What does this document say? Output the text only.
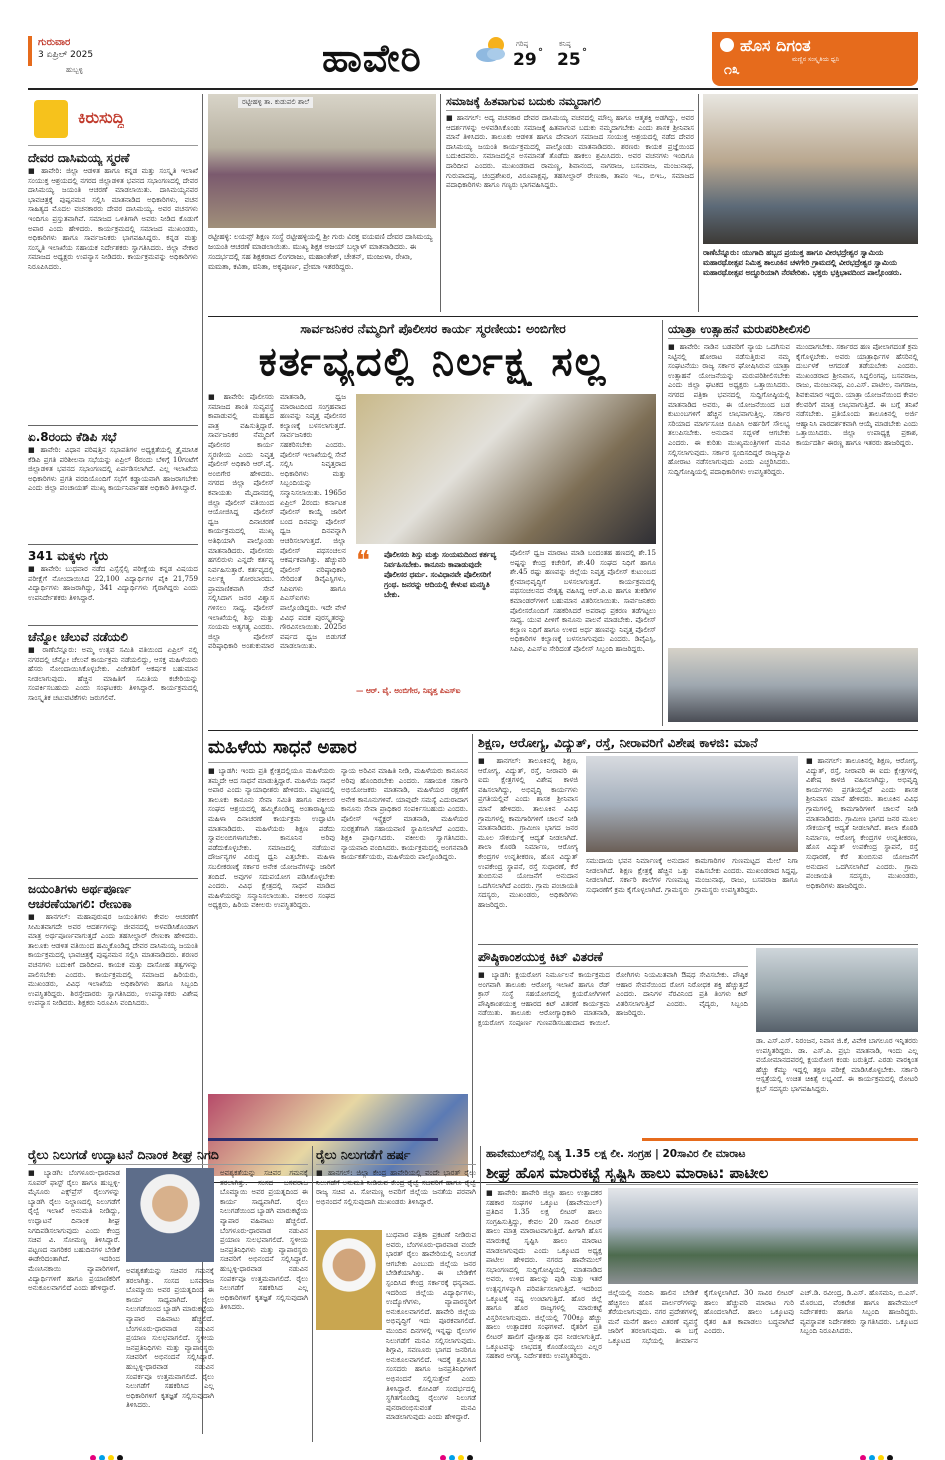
ಗುರುವಾರ
3 ಏಪ್ರಿಲ್ 2025
ಹುಬ್ಬಳ್ಳಿ	ಹಾವೇರಿ	ಗರಿಷ್ಠ
29 °
ಕನಿಷ್ಠ
25 °	ಹೊಸ ದಿಗಂತ
ಮಣ್ಣಿನ ಸಂಸ್ಕೃತಿಯ ಧ್ವನಿ
೧೩
ಕಿರುಸುದ್ದಿ
ದೇವರ ದಾಸಿಮಯ್ಯ ಸ್ಮರಣೆ
■ ಹಾವೇರಿ: ಜಿಲ್ಲಾ ಆಡಳಿತ ಹಾಗೂ ಕನ್ನಡ ಮತ್ತು ಸಂಸ್ಕೃತಿ ಇಲಾಖೆ ಸಂಯುಕ್ತ ಆಶ್ರಯದಲ್ಲಿ ನಗರದ ಜಿಲ್ಲಾಡಳಿತ ಭವನದ ಸಭಾಂಗಣದಲ್ಲಿ ದೇವರ ದಾಸಿಮಯ್ಯ ಜಯಂತಿ ಆಚರಣೆ ಮಾಡಲಾಯಿತು. ದಾಸಿಮಯ್ಯನವರ ಭಾವಚಿತ್ರಕ್ಕೆ ಪುಷ್ಪನಮನ ಸಲ್ಲಿಸಿ ಮಾತನಾಡಿದ ಅಧಿಕಾರಿಗಳು, ವಚನ ಸಾಹಿತ್ಯದ ಮೊದಲ ವಚನಕಾರರು ದೇವರ ದಾಸಿಮಯ್ಯ. ಅವರ ವಚನಗಳು ಇಂದಿಗೂ ಪ್ರಸ್ತುತವಾಗಿವೆ. ಸಮಾಜದ ಒಳಿತಿಗಾಗಿ ಅವರು ನೀಡಿದ ಕೊಡುಗೆ ಅಪಾರ ಎಂದು ಹೇಳಿದರು. ಕಾರ್ಯಕ್ರಮದಲ್ಲಿ ಸಮಾಜದ ಮುಖಂಡರು, ಅಧಿಕಾರಿಗಳು ಹಾಗೂ ಸಾರ್ವಜನಿಕರು ಭಾಗವಹಿಸಿದ್ದರು. ಕನ್ನಡ ಮತ್ತು ಸಂಸ್ಕೃತಿ ಇಲಾಖೆಯ ಸಹಾಯಕ ನಿರ್ದೇಶಕರು ಸ್ವಾಗತಿಸಿದರು. ಜಿಲ್ಲಾ ನೇಕಾರ ಸಮಾಜದ ಅಧ್ಯಕ್ಷರು ಉಪನ್ಯಾಸ ನೀಡಿದರು. ಕಾರ್ಯಕ್ರಮವನ್ನು ಅಧಿಕಾರಿಗಳು ನಿರೂಪಿಸಿದರು.
ಏ.8ರಂದು ಕೆಡಿಪಿ ಸಭೆ
■ ಹಾವೇರಿ: ವಿಧಾನ ಪರಿಷತ್ತಿನ ಸಭಾಪತಿಗಳ ಅಧ್ಯಕ್ಷತೆಯಲ್ಲಿ ತ್ರೈಮಾಸಿಕ ಕೆಡಿಪಿ ಪ್ರಗತಿ ಪರಿಶೀಲನಾ ಸಭೆಯನ್ನು ಏಪ್ರಿಲ್ 8ರಂದು ಬೆಳಿಗ್ಗೆ 10ಗಂಟೆಗೆ ಜಿಲ್ಲಾಡಳಿತ ಭವನದ ಸಭಾಂಗಣದಲ್ಲಿ ಏರ್ಪಡಿಸಲಾಗಿದೆ. ಎಲ್ಲ ಇಲಾಖೆಯ ಅಧಿಕಾರಿಗಳು ಪ್ರಗತಿ ವರದಿಯೊಂದಿಗೆ ಸಭೆಗೆ ಕಡ್ಡಾಯವಾಗಿ ಹಾಜರಾಗಬೇಕು ಎಂದು ಜಿಲ್ಲಾ ಪಂಚಾಯತ್ ಮುಖ್ಯ ಕಾರ್ಯನಿರ್ವಾಹಕ ಅಧಿಕಾರಿ ತಿಳಿಸಿದ್ದಾರೆ.
341 ಮಕ್ಕಳು ಗೈರು
■ ಹಾವೇರಿ: ಬುಧವಾರ ನಡೆದ ಎಸ್ಸೆಸ್ಸೆಲ್ಸಿ ಪರೀಕ್ಷೆಯ ಕನ್ನಡ ವಿಷಯದ ಪರೀಕ್ಷೆಗೆ ನೋಂದಾಯಿಸಿದ 22,100 ವಿದ್ಯಾರ್ಥಿಗಳ ಪೈಕಿ 21,759 ವಿದ್ಯಾರ್ಥಿಗಳು ಹಾಜರಾಗಿದ್ದು, 341 ವಿದ್ಯಾರ್ಥಿಗಳು ಗೈರಾಗಿದ್ದರು ಎಂದು ಉಪನಿರ್ದೇಶಕರು ತಿಳಿಸಿದ್ದಾರೆ.
ಚೆನ್ನೋ ಚೆಲುವೆ ನಡೆಯಲಿ
■ ರಾಣೆಬೆನ್ನೂರು: ಅಮ್ಮ ಉತ್ಸವ ಸಮಿತಿ ವತಿಯಿಂದ ಏಪ್ರಿಲ್ ನಲ್ಲಿ ನಗರದಲ್ಲಿ ಚೆನ್ನೋ ಚೆಲುವೆ ಕಾರ್ಯಕ್ರಮ ನಡೆಯಲಿದ್ದು, ಆಸಕ್ತ ಮಹಿಳೆಯರು ಹೆಸರು ನೋಂದಾಯಿಸಿಕೊಳ್ಳಬೇಕು. ವಿಜೇತರಿಗೆ ಆಕರ್ಷಕ ಬಹುಮಾನ ನೀಡಲಾಗುವುದು. ಹೆಚ್ಚಿನ ಮಾಹಿತಿಗೆ ಸಮಿತಿಯ ಕಚೇರಿಯನ್ನು ಸಂಪರ್ಕಿಸಬಹುದು ಎಂದು ಸಂಘಟಕರು ತಿಳಿಸಿದ್ದಾರೆ. ಕಾರ್ಯಕ್ರಮದಲ್ಲಿ ಸಾಂಸ್ಕೃತಿಕ ಚಟುವಟಿಕೆಗಳು ಜರುಗಲಿವೆ.
ಜಯಂತಿಗಳು ಅರ್ಥಪೂರ್ಣ ಆಚರಣೆಯಾಗಲಿ: ರೇಣುಕಾ
■ ಹಾನಗಲ್: ಮಹಾಪುರುಷರ ಜಯಂತಿಗಳು ಕೇವಲ ಆಚರಣೆಗೆ ಸೀಮಿತವಾಗದೇ ಅವರ ಆದರ್ಶಗಳನ್ನು ಜೀವನದಲ್ಲಿ ಅಳವಡಿಸಿಕೊಂಡಾಗ ಮಾತ್ರ ಅರ್ಥಪೂರ್ಣವಾಗುತ್ತದೆ ಎಂದು ತಹಸೀಲ್ದಾರ್ ರೇಣುಕಾ ಹೇಳಿದರು. ತಾಲೂಕು ಆಡಳಿತ ವತಿಯಿಂದ ಹಮ್ಮಿಕೊಂಡಿದ್ದ ದೇವರ ದಾಸಿಮಯ್ಯ ಜಯಂತಿ ಕಾರ್ಯಕ್ರಮದಲ್ಲಿ ಭಾವಚಿತ್ರಕ್ಕೆ ಪುಷ್ಪನಮನ ಸಲ್ಲಿಸಿ ಮಾತನಾಡಿದರು. ಶರಣರ ವಚನಗಳು ಬದುಕಿಗೆ ದಾರಿದೀಪ. ಕಾಯಕ ಮತ್ತು ದಾಸೋಹ ತತ್ವಗಳನ್ನು ಪಾಲಿಸಬೇಕು ಎಂದರು. ಕಾರ್ಯಕ್ರಮದಲ್ಲಿ ಸಮಾಜದ ಹಿರಿಯರು, ಮುಖಂಡರು, ವಿವಿಧ ಇಲಾಖೆಯ ಅಧಿಕಾರಿಗಳು ಹಾಗೂ ಸಿಬ್ಬಂದಿ ಉಪಸ್ಥಿತರಿದ್ದರು. ಶಿರಸ್ತೇದಾರರು ಸ್ವಾಗತಿಸಿದರು, ಉಪನ್ಯಾಸಕರು ವಿಶೇಷ ಉಪನ್ಯಾಸ ನೀಡಿದರು. ಶಿಕ್ಷಕರು ನಿರೂಪಿಸಿ ವಂದಿಸಿದರು.
ರಟ್ಟೀಹಳ್ಳಿ ತಾ. ಕುಡುಪಲಿ ಶಾಲೆ
ರಟ್ಟೀಹಳ್ಳಿ: ಲಯನ್ಸ್ ಶಿಕ್ಷಣ ಸಂಸ್ಥೆ ರಟ್ಟೀಹಳ್ಳಿಯಲ್ಲಿ ಶ್ರೀ ಗುರು ವಿರಕ್ತ ವಯವಣಿ ದೇವರ ದಾಸಿಮಯ್ಯ ಜಯಂತಿ ಆಚರಣೆ ಮಾಡಲಾಯಿತು. ಮುಖ್ಯ ಶಿಕ್ಷಕ ಅಜಯ್ ಬಲ್ಲಾಳ್ ಮಾತನಾಡಿದರು. ಈ ಸಂದರ್ಭದಲ್ಲಿ ಸಹ ಶಿಕ್ಷಕರಾದ ಲಿಂಗರಾಜು, ಮಹಾಂತೇಶ್, ಚೇತನ್, ಮಂಜುಳಾ, ರೇಖಾ, ಮಮತಾ, ಕವಿತಾ, ವನಿತಾ, ಅಕ್ಕಪೂರ್ಣ, ಪ್ರೇಮಾ ಇತರರಿದ್ದರು.
ಸಮಾಜಕ್ಕೆ ಹಿತವಾಗುವ ಬದುಕು ನಮ್ಮದಾಗಲಿ
■ ಹಾನಗಲ್: ಅದ್ಯ ವಚನಕಾರ ದೇವರ ದಾಸಿಮಯ್ಯ ವಚನದಲ್ಲಿ ಮೌಲ್ಯ ಹಾಗೂ ಆತ್ಮಶಕ್ತಿ ಅಡಗಿದ್ದು, ಅವರ ಆದರ್ಶಗಳನ್ನು ಅಳವಡಿಸಿಕೊಂಡು ಸಮಾಜಕ್ಕೆ ಹಿತವಾಗುವ ಬದುಕು ನಮ್ಮದಾಗಬೇಕು ಎಂದು ಶಾಸಕ ಶ್ರೀನಿವಾಸ ಮಾನೆ ತಿಳಿಸಿದರು. ತಾಲೂಕು ಆಡಳಿತ ಹಾಗೂ ದೇವಾಂಗ ಸಮಾಜದ ಸಂಯುಕ್ತ ಆಶ್ರಯದಲ್ಲಿ ನಡೆದ ದೇವರ ದಾಸಿಮಯ್ಯ ಜಯಂತಿ ಕಾರ್ಯಕ್ರಮದಲ್ಲಿ ಪಾಲ್ಗೊಂಡು ಮಾತನಾಡಿದರು. ಶರಣರು ಕಾಯಕ ಪ್ರಜ್ಞೆಯಿಂದ ಬದುಕಿದವರು. ಸಮಾಜದಲ್ಲಿನ ಅಸಮಾನತೆ ತೊಡೆದು ಹಾಕಲು ಶ್ರಮಿಸಿದರು. ಅವರ ವಚನಗಳು ಇಂದಿಗೂ ದಾರಿದೀಪ ಎಂದರು. ಮುಖಂಡರಾದ ರಾಮಣ್ಣ, ಶಿವಾನಂದ, ನಾಗರಾಜ, ಬಸವರಾಜ, ಮಂಜುನಾಥ, ಗುರುಪಾದಪ್ಪ, ಚಂದ್ರಶೇಖರ, ವಿರೂಪಾಕ್ಷಪ್ಪ, ತಹಸೀಲ್ದಾರ್ ರೇಣುಕಾ, ತಾಪಂ ಇಒ, ಬಿಇಒ, ಸಮಾಜದ ಪದಾಧಿಕಾರಿಗಳು ಹಾಗೂ ಗಣ್ಯರು ಭಾಗವಹಿಸಿದ್ದರು.
ರಾಣೆಬೆನ್ನೂರು: ಯುಗಾದಿ ಹಬ್ಬದ ಪ್ರಯುಕ್ತ ಹಾಗೂ ವೀರಭದ್ರೇಶ್ವರ ಸ್ವಾಮಿಯ ಮಹಾರಥೋತ್ಸವ ನಿಮಿತ್ತ ತಾಲೂಕಿನ ಚಳಗೇರಿ ಗ್ರಾಮದಲ್ಲಿ ವೀರಭದ್ರೇಶ್ವರ ಸ್ವಾಮಿಯ ಮಹಾರಥೋತ್ಸವ ಅದ್ಧೂರಿಯಾಗಿ ನೆರವೇರಿತು. ಭಕ್ತರು ಭಕ್ತಿಭಾವದಿಂದ ಪಾಲ್ಗೊಂಡರು.
ಸಾರ್ವಜನಿಕರ ನೆಮ್ಮದಿಗೆ ಪೊಲೀಸರ ಕಾರ್ಯ ಸ್ಮರಣೀಯ: ಅಂಬಿಗೇರ
ಕರ್ತವ್ಯದಲ್ಲಿ ನಿರ್ಲಕ್ಷ್ಯ ಸಲ್ಲ
■ ಹಾವೇರಿ: ಪೊಲೀಸರು ಸಮಾಜದ ಶಾಂತಿ ಸುವ್ಯವಸ್ಥೆ ಕಾಪಾಡುವಲ್ಲಿ ಮಹತ್ವದ ಪಾತ್ರ ವಹಿಸುತ್ತಿದ್ದಾರೆ. ಸಾರ್ವಜನಿಕರ ನೆಮ್ಮದಿಗೆ ಪೊಲೀಸರ ಕಾರ್ಯ ಸ್ಮರಣೀಯ ಎಂದು ನಿವೃತ್ತ ಪೊಲೀಸ್ ಅಧಿಕಾರಿ ಆರ್.ವೈ. ಅಂಬಿಗೇರ ಹೇಳಿದರು. ನಗರದ ಜಿಲ್ಲಾ ಪೊಲೀಸ್ ಕವಾಯತು ಮೈದಾನದಲ್ಲಿ ಜಿಲ್ಲಾ ಪೊಲೀಸ್ ವತಿಯಿಂದ ಆಯೋಜಿಸಿದ್ದ ಪೊಲೀಸ್ ಧ್ವಜ ದಿನಾಚರಣೆ ಕಾರ್ಯಕ್ರಮದಲ್ಲಿ ಮುಖ್ಯ ಅತಿಥಿಯಾಗಿ ಪಾಲ್ಗೊಂಡು ಮಾತನಾಡಿದರು. ಪೊಲೀಸರು ಹಗಲಿರುಳು ಎನ್ನದೇ ಕರ್ತವ್ಯ ನಿರ್ವಹಿಸುತ್ತಾರೆ. ಕರ್ತವ್ಯದಲ್ಲಿ ನಿರ್ಲಕ್ಷ್ಯ ತೋರಬಾರದು. ಪ್ರಾಮಾಣಿಕವಾಗಿ ಸೇವೆ ಸಲ್ಲಿಸಿದಾಗ ಜನರ ವಿಶ್ವಾಸ ಗಳಿಸಲು ಸಾಧ್ಯ. ಪೊಲೀಸ್ ಇಲಾಖೆಯಲ್ಲಿ ಶಿಸ್ತು ಮತ್ತು ಸಂಯಮ ಅತ್ಯಗತ್ಯ ಎಂದರು. ಜಿಲ್ಲಾ ಪೊಲೀಸ್ ವರಿಷ್ಠಾಧಿಕಾರಿ ಅಂಶುಕುಮಾರ ಮಾತನಾಡಿ, ಧ್ವಜ ಮಾರಾಟದಿಂದ ಸಂಗ್ರಹವಾದ ಹಣವನ್ನು ನಿವೃತ್ತ ಪೊಲೀಸರ ಕಲ್ಯಾಣಕ್ಕೆ ಬಳಸಲಾಗುತ್ತದೆ. ಸಾರ್ವಜನಿಕರು ಸಹಕರಿಸಬೇಕು ಎಂದರು. ಪೊಲೀಸ್ ಇಲಾಖೆಯಲ್ಲಿ ಸೇವೆ ಸಲ್ಲಿಸಿ ನಿವೃತ್ತರಾದ ಅಧಿಕಾರಿಗಳು ಮತ್ತು ಸಿಬ್ಬಂದಿಯನ್ನು ಸನ್ಮಾನಿಸಲಾಯಿತು. 1965ರ ಏಪ್ರಿಲ್ 2ರಂದು ಕರ್ನಾಟಕ ಪೊಲೀಸ್ ಕಾಯ್ದೆ ಜಾರಿಗೆ ಬಂದ ದಿನವನ್ನು ಪೊಲೀಸ್ ಧ್ವಜ ದಿನವನ್ನಾಗಿ ಆಚರಿಸಲಾಗುತ್ತದೆ. ಜಿಲ್ಲಾ ಪೊಲೀಸ್ ಪಥಸಂಚಲನ ಆಕರ್ಷಕವಾಗಿತ್ತು. ಹೆಚ್ಚುವರಿ ಪೊಲೀಸ್ ವರಿಷ್ಠಾಧಿಕಾರಿ ಸೇರಿದಂತೆ ಡಿವೈಎಸ್ಪಿಗಳು, ಸಿಪಿಐಗಳು ಹಾಗೂ ಪಿಎಸ್ಐಗಳು ಪಾಲ್ಗೊಂಡಿದ್ದರು. ಇದೇ ವೇಳೆ ವಿವಿಧ ಪದಕ ಪುರಸ್ಕೃತರನ್ನು ಗೌರವಿಸಲಾಯಿತು. 2025ರ ವರ್ಷದ ಧ್ವಜ ಬಿಡುಗಡೆ ಮಾಡಲಾಯಿತು.
❝ ಪೊಲೀಸರು ಶಿಸ್ತು ಮತ್ತು ಸಂಯಮದಿಂದ ಕರ್ತವ್ಯ ನಿರ್ವಹಿಸಬೇಕು. ಕಾನೂನು ಕಾಪಾಡುವುದೇ ಪೊಲೀಸರ ಧರ್ಮ. ಸಂವಿಧಾನವೇ ಪೊಲೀಸರಿಗೆ ಗ್ರಂಥ. ಜನರನ್ನು ಆದಿಯಲ್ಲಿ ಕೇಳುವ ಮನಸ್ಥಿತಿ ಬೇಕು.
— ಆರ್. ವೈ. ಅಂಬಿಗೇರ, ನಿವೃತ್ತ ಪಿಎಸ್ಐ
ಪೊಲೀಸ್ ಧ್ವಜ ಮಾರಾಟ ಮಾಡಿ ಬಂದಂತಹ ಹಣದಲ್ಲಿ ಶೇ.15 ಅಷ್ಟನ್ನು ಕೇಂದ್ರ ಕಚೇರಿಗೆ, ಶೇ.40 ಸಂಘದ ನಿಧಿಗೆ ಹಾಗೂ ಶೇ.45 ರಷ್ಟು ಹಣವನ್ನು ಜಿಲ್ಲೆಯ ನಿವೃತ್ತ ಪೊಲೀಸ್ ಕುಟುಂಬದ ಕ್ಷೇಮಾಭಿವೃದ್ಧಿಗೆ ಬಳಸಲಾಗುತ್ತದೆ. ಕಾರ್ಯಕ್ರಮದಲ್ಲಿ ಪಥಸಂಚಲನದ ನೇತೃತ್ವ ವಹಿಸಿದ್ದ ಆರ್.ಪಿ.ಐ ಹಾಗೂ ತುಕಡಿಗಳ ಕಮಾಂಡರ್‌ಗಳಿಗೆ ಬಹುಮಾನ ವಿತರಿಸಲಾಯಿತು. ಸಾರ್ವಜನಿಕರು ಪೊಲೀಸರೊಂದಿಗೆ ಸಹಕರಿಸಿದರೆ ಅಪರಾಧ ಪ್ರಕರಣ ತಡೆಗಟ್ಟಲು ಸಾಧ್ಯ. ಯುವ ಪೀಳಿಗೆ ಕಾನೂನು ಪಾಲನೆ ಮಾಡಬೇಕು. ಪೊಲೀಸ್ ಕಲ್ಯಾಣ ನಿಧಿಗೆ ಹಾಗೂ ಉಳಿದ ಅರ್ಧ ಹಣವನ್ನು ನಿವೃತ್ತ ಪೊಲೀಸ್ ಅಧಿಕಾರಿಗಳ ಕಲ್ಯಾಣಕ್ಕೆ ಬಳಸಲಾಗುವುದು ಎಂದರು. ಡಿವೈಎಸ್ಪಿ, ಸಿಪಿಐ, ಪಿಎಸ್ಐ ಸೇರಿದಂತೆ ಪೊಲೀಸ್ ಸಿಬ್ಬಂದಿ ಹಾಜರಿದ್ದರು.
ಯಾತ್ರಾ ಉತ್ಸಾಹನೆ ಮರುಪರಿಶೀಲಿಸಲಿ
■ ಹಾವೇರಿ: ನಾಡಿನ ಬಡವರಿಗೆ ನ್ಯಾಯ ಒದಗಿಸುವ ನಿಟ್ಟಿನಲ್ಲಿ ಹೋರಾಟ ನಡೆಸುತ್ತಿರುವ ನಮ್ಮ ಸಂಘಟನೆಯು ರಾಜ್ಯ ಸರ್ಕಾರ ಘೋಷಿಸಿರುವ ಯಾತ್ರಾ ಉತ್ಸಾಹನೆ ಯೋಜನೆಯನ್ನು ಮರುಪರಿಶೀಲಿಸಬೇಕು ಎಂದು ಜಿಲ್ಲಾ ಘಟಕದ ಅಧ್ಯಕ್ಷರು ಒತ್ತಾಯಿಸಿದರು. ನಗರದ ಪತ್ರಿಕಾ ಭವನದಲ್ಲಿ ಸುದ್ದಿಗೋಷ್ಠಿಯಲ್ಲಿ ಮಾತನಾಡಿದ ಅವರು, ಈ ಯೋಜನೆಯಿಂದ ಬಡ ಕುಟುಂಬಗಳಿಗೆ ಹೆಚ್ಚಿನ ಲಾಭವಾಗುತ್ತಿಲ್ಲ. ಸರ್ಕಾರ ಸರಿಯಾದ ಮಾರ್ಗಸೂಚಿ ರೂಪಿಸಿ ಅರ್ಹರಿಗೆ ಸೌಲಭ್ಯ ತಲುಪಿಸಬೇಕು. ಅನುದಾನ ಸದ್ಬಳಕೆ ಆಗಬೇಕು ಎಂದರು. ಈ ಕುರಿತು ಮುಖ್ಯಮಂತ್ರಿಗಳಿಗೆ ಮನವಿ ಸಲ್ಲಿಸಲಾಗುವುದು. ಸರ್ಕಾರ ಸ್ಪಂದಿಸದಿದ್ದರೆ ರಾಜ್ಯವ್ಯಾಪಿ ಹೋರಾಟ ನಡೆಸಲಾಗುವುದು ಎಂದು ಎಚ್ಚರಿಸಿದರು. ಸುದ್ದಿಗೋಷ್ಠಿಯಲ್ಲಿ ಪದಾಧಿಕಾರಿಗಳು ಉಪಸ್ಥಿತರಿದ್ದರು.
ಮುಂದಾಗಬೇಕು. ಸರ್ಕಾರದ ಹಣ ಪೋಲಾಗದಂತೆ ಕ್ರಮ ಕೈಗೊಳ್ಳಬೇಕು. ಅವರು ಯಾತ್ರಾರ್ಥಿಗಳ ಹೆಸರಿನಲ್ಲಿ ದುರ್ಬಳಕೆ ಆಗದಂತೆ ತಡೆಯಬೇಕು ಎಂದರು. ಮುಖಂಡರಾದ ಶ್ರೀನಿವಾಸ, ಸಿದ್ದಲಿಂಗಪ್ಪ, ಬಸವರಾಜ, ರಾಜು, ಮಂಜುನಾಥ, ಎಂ.ಎಸ್. ಪಾಟೀಲ, ನಾಗರಾಜ, ಶಿವಕುಮಾರ ಇದ್ದರು. ಯಾತ್ರಾ ಯೋಜನೆಯಿಂದ ಕೇವಲ ಕೆಲವರಿಗೆ ಮಾತ್ರ ಲಾಭವಾಗುತ್ತಿದೆ. ಈ ಬಗ್ಗೆ ತನಿಖೆ ನಡೆಸಬೇಕು. ಪ್ರತಿಯೊಂದು ತಾಲೂಕಿನಲ್ಲಿ ಅರ್ಜಿ ಆಹ್ವಾನಿಸಿ ಪಾರದರ್ಶಕವಾಗಿ ಆಯ್ಕೆ ಮಾಡಬೇಕು ಎಂದು ಒತ್ತಾಯಿಸಿದರು. ಜಿಲ್ಲಾ ಉಪಾಧ್ಯಕ್ಷ ಪ್ರಕಾಶ, ಕಾರ್ಯದರ್ಶಿ ಈರಣ್ಣ ಹಾಗೂ ಇತರರು ಹಾಜರಿದ್ದರು.
ಮಹಿಳೆಯ ಸಾಧನೆ ಅಪಾರ
■ ಬ್ಯಾಡಗಿ: ಇಂದು ಪ್ರತಿ ಕ್ಷೇತ್ರದಲ್ಲಿಯೂ ಮಹಿಳೆಯರು ತಮ್ಮದೇ ಆದ ಸಾಧನೆ ಮಾಡುತ್ತಿದ್ದಾರೆ. ಮಹಿಳೆಯ ಸಾಧನೆ ಅಪಾರ ಎಂದು ನ್ಯಾಯಾಧೀಶರು ಹೇಳಿದರು. ಪಟ್ಟಣದಲ್ಲಿ ತಾಲೂಕು ಕಾನೂನು ಸೇವಾ ಸಮಿತಿ ಹಾಗೂ ವಕೀಲರ ಸಂಘದ ಆಶ್ರಯದಲ್ಲಿ ಹಮ್ಮಿಕೊಂಡಿದ್ದ ಅಂತಾರಾಷ್ಟ್ರೀಯ ಮಹಿಳಾ ದಿನಾಚರಣೆ ಕಾರ್ಯಕ್ರಮ ಉದ್ಘಾಟಿಸಿ ಮಾತನಾಡಿದರು. ಮಹಿಳೆಯರು ಶಿಕ್ಷಣ ಪಡೆದು ಸ್ವಾವಲಂಬಿಗಳಾಗಬೇಕು. ಕಾನೂನಿನ ಅರಿವು ಪಡೆದುಕೊಳ್ಳಬೇಕು. ಸಮಾಜದಲ್ಲಿ ನಡೆಯುವ ದೌರ್ಜನ್ಯಗಳ ವಿರುದ್ಧ ಧ್ವನಿ ಎತ್ತಬೇಕು. ಮಹಿಳಾ ಸಬಲೀಕರಣಕ್ಕೆ ಸರ್ಕಾರ ಅನೇಕ ಯೋಜನೆಗಳನ್ನು ಜಾರಿಗೆ ತಂದಿದೆ. ಅವುಗಳ ಸದುಪಯೋಗ ಪಡಿಸಿಕೊಳ್ಳಬೇಕು ಎಂದರು. ವಿವಿಧ ಕ್ಷೇತ್ರದಲ್ಲಿ ಸಾಧನೆ ಮಾಡಿದ ಮಹಿಳೆಯರನ್ನು ಸನ್ಮಾನಿಸಲಾಯಿತು. ವಕೀಲರ ಸಂಘದ ಅಧ್ಯಕ್ಷರು, ಹಿರಿಯ ವಕೀಲರು ಉಪಸ್ಥಿತರಿದ್ದರು.
ನ್ಯಾಯ ಅರಿವಿನ ಮಾಹಿತಿ ನೀಡಿ, ಮಹಿಳೆಯರು ಕಾನೂನಿನ ಅರಿವು ಹೊಂದಿರಬೇಕು ಎಂದರು. ಸಹಾಯಕ ಸರ್ಕಾರಿ ಅಭಿಯೋಜಕರು ಮಾತನಾಡಿ, ಮಹಿಳೆಯರ ರಕ್ಷಣೆಗೆ ಅನೇಕ ಕಾನೂನುಗಳಿವೆ. ಯಾವುದೇ ಸಮಸ್ಯೆ ಎದುರಾದಾಗ ಕಾನೂನು ಸೇವಾ ಪ್ರಾಧಿಕಾರ ಸಂಪರ್ಕಿಸಬಹುದು ಎಂದರು. ಪೊಲೀಸ್ ಇನ್ಸ್ಪೆಕ್ಟರ್ ಮಾತನಾಡಿ, ಮಹಿಳೆಯರ ಸುರಕ್ಷತೆಗಾಗಿ ಸಹಾಯವಾಣಿ ಸ್ಥಾಪಿಸಲಾಗಿದೆ ಎಂದರು. ಶಿಕ್ಷಕಿ ಪ್ರಾರ್ಥಿಸಿದರು. ವಕೀಲರು ಸ್ವಾಗತಿಸಿದರು. ನ್ಯಾಯವಾದಿ ವಂದಿಸಿದರು. ಕಾರ್ಯಕ್ರಮದಲ್ಲಿ ಅಂಗನವಾಡಿ ಕಾರ್ಯಕರ್ತೆಯರು, ಮಹಿಳೆಯರು ಪಾಲ್ಗೊಂಡಿದ್ದರು.
ಶಿಕ್ಷಣ, ಆರೋಗ್ಯ, ವಿದ್ಯುತ್, ರಸ್ತೆ, ನೀರಾವರಿಗೆ ವಿಶೇಷ ಕಾಳಜಿ: ಮಾನೆ
■ ಹಾನಗಲ್: ತಾಲೂಕಿನಲ್ಲಿ ಶಿಕ್ಷಣ, ಆರೋಗ್ಯ, ವಿದ್ಯುತ್, ರಸ್ತೆ, ನೀರಾವರಿ ಈ ಐದು ಕ್ಷೇತ್ರಗಳಲ್ಲಿ ವಿಶೇಷ ಕಾಳಜಿ ವಹಿಸಲಾಗಿದ್ದು, ಅಭಿವೃದ್ಧಿ ಕಾರ್ಯಗಳು ಪ್ರಗತಿಯಲ್ಲಿವೆ ಎಂದು ಶಾಸಕ ಶ್ರೀನಿವಾಸ ಮಾನೆ ಹೇಳಿದರು. ತಾಲೂಕಿನ ವಿವಿಧ ಗ್ರಾಮಗಳಲ್ಲಿ ಕಾಮಗಾರಿಗಳಿಗೆ ಚಾಲನೆ ನೀಡಿ ಮಾತನಾಡಿದರು. ಗ್ರಾಮೀಣ ಭಾಗದ ಜನರ ಮೂಲ ಸೌಕರ್ಯಕ್ಕೆ ಆದ್ಯತೆ ನೀಡಲಾಗಿದೆ. ಶಾಲಾ ಕೊಠಡಿ ನಿರ್ಮಾಣ, ಆರೋಗ್ಯ ಕೇಂದ್ರಗಳ ಉನ್ನತೀಕರಣ, ಹೊಸ ವಿದ್ಯುತ್ ಉಪಕೇಂದ್ರ ಸ್ಥಾಪನೆ, ರಸ್ತೆ ಸುಧಾರಣೆ, ಕೆರೆ ತುಂಬಿಸುವ ಯೋಜನೆಗೆ ಅನುದಾನ ಒದಗಿಸಲಾಗಿದೆ ಎಂದರು. ಗ್ರಾಮ ಪಂಚಾಯತಿ ಸದಸ್ಯರು, ಮುಖಂಡರು, ಅಧಿಕಾರಿಗಳು ಹಾಜರಿದ್ದರು.
ಸಮುದಾಯ ಭವನ ನಿರ್ಮಾಣಕ್ಕೆ ಅನುದಾನ ನೀಡಲಾಗಿದೆ. ಶಿಕ್ಷಣ ಕ್ಷೇತ್ರಕ್ಕೆ ಹೆಚ್ಚಿನ ಒತ್ತು ನೀಡಲಾಗಿದೆ. ಸರ್ಕಾರಿ ಶಾಲೆಗಳ ಗುಣಮಟ್ಟ ಸುಧಾರಣೆಗೆ ಕ್ರಮ ಕೈಗೊಳ್ಳಲಾಗಿದೆ. ಗ್ರಾಮಸ್ಥರು ಕಾಮಗಾರಿಗಳ ಗುಣಮಟ್ಟದ ಮೇಲೆ ನಿಗಾ ವಹಿಸಬೇಕು ಎಂದರು. ಮುಖಂಡರಾದ ಸಿದ್ದಪ್ಪ, ಮಂಜುನಾಥ, ರಾಜು, ಬಸವರಾಜ ಹಾಗೂ ಗ್ರಾಮಸ್ಥರು ಉಪಸ್ಥಿತರಿದ್ದರು.
■ ಹಾನಗಲ್: ತಾಲೂಕಿನಲ್ಲಿ ಶಿಕ್ಷಣ, ಆರೋಗ್ಯ, ವಿದ್ಯುತ್, ರಸ್ತೆ, ನೀರಾವರಿ ಈ ಐದು ಕ್ಷೇತ್ರಗಳಲ್ಲಿ ವಿಶೇಷ ಕಾಳಜಿ ವಹಿಸಲಾಗಿದ್ದು, ಅಭಿವೃದ್ಧಿ ಕಾರ್ಯಗಳು ಪ್ರಗತಿಯಲ್ಲಿವೆ ಎಂದು ಶಾಸಕ ಶ್ರೀನಿವಾಸ ಮಾನೆ ಹೇಳಿದರು. ತಾಲೂಕಿನ ವಿವಿಧ ಗ್ರಾಮಗಳಲ್ಲಿ ಕಾಮಗಾರಿಗಳಿಗೆ ಚಾಲನೆ ನೀಡಿ ಮಾತನಾಡಿದರು. ಗ್ರಾಮೀಣ ಭಾಗದ ಜನರ ಮೂಲ ಸೌಕರ್ಯಕ್ಕೆ ಆದ್ಯತೆ ನೀಡಲಾಗಿದೆ. ಶಾಲಾ ಕೊಠಡಿ ನಿರ್ಮಾಣ, ಆರೋಗ್ಯ ಕೇಂದ್ರಗಳ ಉನ್ನತೀಕರಣ, ಹೊಸ ವಿದ್ಯುತ್ ಉಪಕೇಂದ್ರ ಸ್ಥಾಪನೆ, ರಸ್ತೆ ಸುಧಾರಣೆ, ಕೆರೆ ತುಂಬಿಸುವ ಯೋಜನೆಗೆ ಅನುದಾನ ಒದಗಿಸಲಾಗಿದೆ ಎಂದರು. ಗ್ರಾಮ ಪಂಚಾಯತಿ ಸದಸ್ಯರು, ಮುಖಂಡರು, ಅಧಿಕಾರಿಗಳು ಹಾಜರಿದ್ದರು.
ಪೌಷ್ಠಿಕಾಂಶಯುಕ್ತ ಕಿಟ್ ವಿತರಣೆ
■ ಬ್ಯಾಡಗಿ: ಕ್ಷಯರೋಗ ನಿರ್ಮೂಲನೆ ಕಾರ್ಯಕ್ರಮದ ಅಂಗವಾಗಿ ತಾಲೂಕು ಆರೋಗ್ಯ ಇಲಾಖೆ ಹಾಗೂ ರೆಡ್ ಕ್ರಾಸ್ ಸಂಸ್ಥೆ ಸಹಯೋಗದಲ್ಲಿ ಕ್ಷಯರೋಗಿಗಳಿಗೆ ಪೌಷ್ಠಿಕಾಂಶಯುಕ್ತ ಆಹಾರದ ಕಿಟ್ ವಿತರಣೆ ಕಾರ್ಯಕ್ರಮ ನಡೆಯಿತು. ತಾಲೂಕು ಆರೋಗ್ಯಾಧಿಕಾರಿ ಮಾತನಾಡಿ, ಕ್ಷಯರೋಗ ಸಂಪೂರ್ಣ ಗುಣಪಡಿಸಬಹುದಾದ ಕಾಯಿಲೆ. ರೋಗಿಗಳು ನಿಯಮಿತವಾಗಿ ಔಷಧ ಸೇವಿಸಬೇಕು. ಪೌಷ್ಠಿಕ ಆಹಾರ ಸೇವನೆಯಿಂದ ರೋಗ ನಿರೋಧಕ ಶಕ್ತಿ ಹೆಚ್ಚುತ್ತದೆ ಎಂದರು. ದಾನಿಗಳ ನೆರವಿನಿಂದ ಪ್ರತಿ ತಿಂಗಳು ಕಿಟ್ ವಿತರಿಸಲಾಗುತ್ತಿದೆ ಎಂದರು. ವೈದ್ಯರು, ಸಿಬ್ಬಂದಿ ಹಾಜರಿದ್ದರು.
ಡಾ. ಎಸ್.ಎಸ್. ನಿರಂಜನ, ನಿವಾಸ ಜಿ.ಕೆ, ವಿವೇಕ ಬಾಗಲೂರ ಇನ್ನಿತರರು ಉಪಸ್ಥಿತರಿದ್ದರು. ಡಾ. ಎಸ್.ಪಿ. ಪ್ರಭು ಮಾತನಾಡಿ, ಇಂದು ಎಲ್ಲ ವಯೋಮಾನದವರಲ್ಲಿ ಕ್ಷಯರೋಗ ಕಂಡು ಬರುತ್ತಿದೆ. ಎರಡು ವಾರಕ್ಕಿಂತ ಹೆಚ್ಚು ಕೆಮ್ಮು ಇದ್ದಲ್ಲಿ ತಕ್ಷಣ ಪರೀಕ್ಷೆ ಮಾಡಿಸಿಕೊಳ್ಳಬೇಕು. ಸರ್ಕಾರಿ ಆಸ್ಪತ್ರೆಯಲ್ಲಿ ಉಚಿತ ಚಿಕಿತ್ಸೆ ಲಭ್ಯವಿದೆ. ಈ ಕಾರ್ಯಕ್ರಮದಲ್ಲಿ ರೋಟರಿ ಕ್ಲಬ್ ಸದಸ್ಯರು ಭಾಗವಹಿಸಿದ್ದರು.
ರೈಲು ನಿಲುಗಡೆ ಉದ್ಘಾಟನೆ ದಿನಾಂಕ ಶೀಘ್ರ ನಿಗದಿ
■ ಬ್ಯಾಡಗಿ: ಬೆಂಗಳೂರು-ಧಾರವಾಡ ಸೂಪರ್ ಫಾಸ್ಟ್ ರೈಲು ಹಾಗೂ ಹುಬ್ಬಳ್ಳಿ-ಮೈಸೂರು ಎಕ್ಸ್‌ಪ್ರೆಸ್ ರೈಲುಗಳನ್ನು ಬ್ಯಾಡಗಿ ರೈಲು ನಿಲ್ದಾಣದಲ್ಲಿ ನಿಲುಗಡೆಗೆ ರೈಲ್ವೆ ಇಲಾಖೆ ಅನುಮತಿ ನೀಡಿದ್ದು, ಉದ್ಘಾಟನೆ ದಿನಾಂಕ ಶೀಘ್ರ ನಿಗದಿಪಡಿಸಲಾಗುವುದು ಎಂದು ಕೇಂದ್ರ ಸಚಿವ ವಿ. ಸೋಮಣ್ಣ ತಿಳಿಸಿದ್ದಾರೆ. ಪಟ್ಟಣದ ನಾಗರಿಕರ ಬಹುದಿನಗಳ ಬೇಡಿಕೆ ಈಡೇರಿದಂತಾಗಿದೆ. ಇದರಿಂದ ಮೆಣಸಿನಕಾಯಿ ವ್ಯಾಪಾರಿಗಳಿಗೆ, ವಿದ್ಯಾರ್ಥಿಗಳಿಗೆ ಹಾಗೂ ಪ್ರಯಾಣಿಕರಿಗೆ ಅನುಕೂಲವಾಗಲಿದೆ ಎಂದು ಹೇಳಿದ್ದಾರೆ.
ಅವಶ್ಯಕತೆಯನ್ನು ಸಚಿವರ ಗಮನಕ್ಕೆ ತರಲಾಗಿತ್ತು. ಸಂಸದ ಬಸವರಾಜ ಬೊಮ್ಮಾಯಿ ಅವರ ಪ್ರಯತ್ನದಿಂದ ಈ ಕಾರ್ಯ ಸಾಧ್ಯವಾಗಿದೆ. ರೈಲು ನಿಲುಗಡೆಯಿಂದ ಬ್ಯಾಡಗಿ ಮಾರುಕಟ್ಟೆಯ ವ್ಯಾಪಾರ ವಹಿವಾಟು ಹೆಚ್ಚಲಿದೆ. ಬೆಂಗಳೂರು-ಧಾರವಾಡ ನಡುವಿನ ಪ್ರಯಾಣ ಸುಲಭವಾಗಲಿದೆ. ಸ್ಥಳೀಯ ಜನಪ್ರತಿನಿಧಿಗಳು ಮತ್ತು ವ್ಯಾಪಾರಸ್ಥರು ಸಚಿವರಿಗೆ ಅಭಿನಂದನೆ ಸಲ್ಲಿಸಿದ್ದಾರೆ. ಹುಬ್ಬಳ್ಳಿ-ಧಾರವಾಡ ನಡುವಿನ ಸಂಪರ್ಕವೂ ಉತ್ತಮವಾಗಲಿದೆ. ರೈಲು ನಿಲುಗಡೆಗೆ ಸಹಕರಿಸಿದ ಎಲ್ಲ ಅಧಿಕಾರಿಗಳಿಗೆ ಕೃತಜ್ಞತೆ ಸಲ್ಲಿಸುವುದಾಗಿ ತಿಳಿಸಿದರು.
ಅವಶ್ಯಕತೆಯನ್ನು ಸಚಿವರ ಗಮನಕ್ಕೆ ತರಲಾಗಿತ್ತು. ಸಂಸದ ಬಸವರಾಜ ಬೊಮ್ಮಾಯಿ ಅವರ ಪ್ರಯತ್ನದಿಂದ ಈ ಕಾರ್ಯ ಸಾಧ್ಯವಾಗಿದೆ. ರೈಲು ನಿಲುಗಡೆಯಿಂದ ಬ್ಯಾಡಗಿ ಮಾರುಕಟ್ಟೆಯ ವ್ಯಾಪಾರ ವಹಿವಾಟು ಹೆಚ್ಚಲಿದೆ. ಬೆಂಗಳೂರು-ಧಾರವಾಡ ನಡುವಿನ ಪ್ರಯಾಣ ಸುಲಭವಾಗಲಿದೆ. ಸ್ಥಳೀಯ ಜನಪ್ರತಿನಿಧಿಗಳು ಮತ್ತು ವ್ಯಾಪಾರಸ್ಥರು ಸಚಿವರಿಗೆ ಅಭಿನಂದನೆ ಸಲ್ಲಿಸಿದ್ದಾರೆ. ಹುಬ್ಬಳ್ಳಿ-ಧಾರವಾಡ ನಡುವಿನ ಸಂಪರ್ಕವೂ ಉತ್ತಮವಾಗಲಿದೆ. ರೈಲು ನಿಲುಗಡೆಗೆ ಸಹಕರಿಸಿದ ಎಲ್ಲ ಅಧಿಕಾರಿಗಳಿಗೆ ಕೃತಜ್ಞತೆ ಸಲ್ಲಿಸುವುದಾಗಿ ತಿಳಿಸಿದರು.
ರೈಲು ನಿಲುಗಡೆಗೆ ಹರ್ಷ
■ ಹಾನಗಲ್: ಜಿಲ್ಲಾ ಕೇಂದ್ರ ಹಾವೇರಿಯಲ್ಲಿ ವಂದೇ ಭಾರತ್ ರೈಲು ನಿಲುಗಡೆಗೆ ಅನುಮತಿ ನೀಡಿರುವ ಕೇಂದ್ರ ರೈಲ್ವೆ ಸಚಿವರಿಗೆ ಹಾಗೂ ರೈಲ್ವೆ ರಾಜ್ಯ ಸಚಿವ ವಿ. ಸೋಮಣ್ಣ ಅವರಿಗೆ ಜಿಲ್ಲೆಯ ಜನತೆಯ ಪರವಾಗಿ ಅಭಿನಂದನೆ ಸಲ್ಲಿಸುವುದಾಗಿ ಮುಖಂಡರು ತಿಳಿಸಿದ್ದಾರೆ.
ಬುಧವಾರ ಪತ್ರಿಕಾ ಪ್ರಕಟಣೆ ನೀಡಿರುವ ಅವರು, ಬೆಂಗಳೂರು-ಧಾರವಾಡ ವಂದೇ ಭಾರತ್ ರೈಲು ಹಾವೇರಿಯಲ್ಲಿ ನಿಲುಗಡೆ ಆಗಬೇಕು ಎಂಬುದು ಜಿಲ್ಲೆಯ ಜನರ ಬೇಡಿಕೆಯಾಗಿತ್ತು. ಈ ಬೇಡಿಕೆಗೆ ಸ್ಪಂದಿಸಿದ ಕೇಂದ್ರ ಸರ್ಕಾರಕ್ಕೆ ಧನ್ಯವಾದ. ಇದರಿಂದ ಜಿಲ್ಲೆಯ ವಿದ್ಯಾರ್ಥಿಗಳು, ಉದ್ಯೋಗಿಗಳು, ವ್ಯಾಪಾರಸ್ಥರಿಗೆ ಅನುಕೂಲವಾಗಲಿದೆ. ಹಾವೇರಿ ಜಿಲ್ಲೆಯ ಅಭಿವೃದ್ಧಿಗೆ ಇದು ಪೂರಕವಾಗಲಿದೆ. ಮುಂದಿನ ದಿನಗಳಲ್ಲಿ ಇನ್ನಷ್ಟು ರೈಲುಗಳ ನಿಲುಗಡೆಗೆ ಮನವಿ ಸಲ್ಲಿಸಲಾಗುವುದು. ಶಿಗ್ಗಾವಿ, ಸವಣೂರು ಭಾಗದ ಜನರಿಗೂ ಅನುಕೂಲವಾಗಲಿದೆ. ಇದಕ್ಕೆ ಶ್ರಮಿಸಿದ ಸಂಸದರು ಹಾಗೂ ಜನಪ್ರತಿನಿಧಿಗಳಿಗೆ ಅಭಿನಂದನೆ ಸಲ್ಲಿಸುತ್ತೇವೆ ಎಂದು ತಿಳಿಸಿದ್ದಾರೆ. ಕೋವಿಡ್ ಸಂದರ್ಭದಲ್ಲಿ ಸ್ಥಗಿತಗೊಂಡಿದ್ದ ರೈಲುಗಳ ನಿಲುಗಡೆ ಪುನರಾರಂಭಿಸುವಂತೆ ಮನವಿ ಮಾಡಲಾಗುವುದು ಎಂದು ಹೇಳಿದ್ದಾರೆ.
ಹಾವೇಮುಲ್‌ನಲ್ಲಿ ನಿತ್ಯ 1.35 ಲಕ್ಷ ಲೀ. ಸಂಗ್ರಹ | 20ಸಾವಿರ ಲೀ ಮಾರಾಟ
ಶೀಘ್ರ ಹೊಸ ಮಾರುಕಟ್ಟೆ ಸೃಷ್ಟಿಸಿ ಹಾಲು ಮಾರಾಟ: ಪಾಟೀಲ
■ ಹಾವೇರಿ: ಹಾವೇರಿ ಜಿಲ್ಲಾ ಹಾಲು ಉತ್ಪಾದಕರ ಸಹಕಾರ ಸಂಘಗಳ ಒಕ್ಕೂಟ (ಹಾವೇಮುಲ್) ಪ್ರತಿದಿನ 1.35 ಲಕ್ಷ ಲೀಟರ್ ಹಾಲು ಸಂಗ್ರಹಿಸುತ್ತಿದ್ದು, ಕೇವಲ 20 ಸಾವಿರ ಲೀಟರ್ ಹಾಲು ಮಾತ್ರ ಮಾರಾಟವಾಗುತ್ತಿದೆ. ಹೀಗಾಗಿ ಹೊಸ ಮಾರುಕಟ್ಟೆ ಸೃಷ್ಟಿಸಿ ಹಾಲು ಮಾರಾಟ ಮಾಡಲಾಗುವುದು ಎಂದು ಒಕ್ಕೂಟದ ಅಧ್ಯಕ್ಷ ಪಾಟೀಲ ಹೇಳಿದರು. ನಗರದ ಹಾವೇಮುಲ್ ಸಭಾಂಗಣದಲ್ಲಿ ಸುದ್ದಿಗೋಷ್ಠಿಯಲ್ಲಿ ಮಾತನಾಡಿದ ಅವರು, ಉಳಿದ ಹಾಲನ್ನು ಪುಡಿ ಮತ್ತು ಇತರೆ ಉತ್ಪನ್ನಗಳನ್ನಾಗಿ ಪರಿವರ್ತಿಸಲಾಗುತ್ತಿದೆ. ಇದರಿಂದ ಒಕ್ಕೂಟಕ್ಕೆ ನಷ್ಟ ಉಂಟಾಗುತ್ತಿದೆ. ಹೊರ ಜಿಲ್ಲೆ ಹಾಗೂ ಹೊರ ರಾಜ್ಯಗಳಲ್ಲಿ ಮಾರುಕಟ್ಟೆ ವಿಸ್ತರಿಸಲಾಗುವುದು. ಜಿಲ್ಲೆಯಲ್ಲಿ 700ಕ್ಕೂ ಹೆಚ್ಚು ಹಾಲು ಉತ್ಪಾದಕರ ಸಂಘಗಳಿವೆ. ರೈತರಿಗೆ ಪ್ರತಿ ಲೀಟರ್ ಹಾಲಿಗೆ ಪ್ರೋತ್ಸಾಹ ಧನ ನೀಡಲಾಗುತ್ತಿದೆ. ಒಕ್ಕೂಟವನ್ನು ಲಾಭದತ್ತ ಕೊಂಡೊಯ್ಯಲು ಎಲ್ಲರ ಸಹಕಾರ ಅಗತ್ಯ. ನಿರ್ದೇಶಕರು ಉಪಸ್ಥಿತರಿದ್ದರು.
ಜಿಲ್ಲೆಯಲ್ಲಿ ನಂದಿನಿ ಹಾಲಿನ ಬೇಡಿಕೆ ಹೆಚ್ಚಿಸಲು ಹೊಸ ಪಾರ್ಲರ್‌ಗಳನ್ನು ತೆರೆಯಲಾಗುವುದು. ನಗರ ಪ್ರದೇಶಗಳಲ್ಲಿ ಮನೆ ಮನೆಗೆ ಹಾಲು ವಿತರಣೆ ವ್ಯವಸ್ಥೆ ಜಾರಿಗೆ ತರಲಾಗುವುದು. ಈ ಬಗ್ಗೆ ಒಕ್ಕೂಟದ ಸಭೆಯಲ್ಲಿ ತೀರ್ಮಾನ ಕೈಗೊಳ್ಳಲಾಗಿದೆ. 30 ಸಾವಿರ ಲೀಟರ್ ಹಾಲು ಹೆಚ್ಚುವರಿ ಮಾರಾಟ ಗುರಿ ಹೊಂದಲಾಗಿದೆ. ಹಾಲು ಒಕ್ಕೂಟವು ರೈತರ ಹಿತ ಕಾಪಾಡಲು ಬದ್ಧವಾಗಿದೆ ಎಂದರು.
ಎಚ್.ಡಿ. ರವೀಂದ್ರ, ಡಿ.ಎಸ್. ಹೊಸಮನಿ, ಬಿ.ಎಸ್. ಮೊರಬದ, ವೆಂಕಟೇಶ ಹಾಗೂ ಹಾವೇಮುಲ್ ನಿರ್ದೇಶಕರು ಹಾಗೂ ಸಿಬ್ಬಂದಿ ಹಾಜರಿದ್ದರು. ವ್ಯವಸ್ಥಾಪಕ ನಿರ್ದೇಶಕರು ಸ್ವಾಗತಿಸಿದರು. ಒಕ್ಕೂಟದ ಸಿಬ್ಬಂದಿ ನಿರೂಪಿಸಿದರು.
